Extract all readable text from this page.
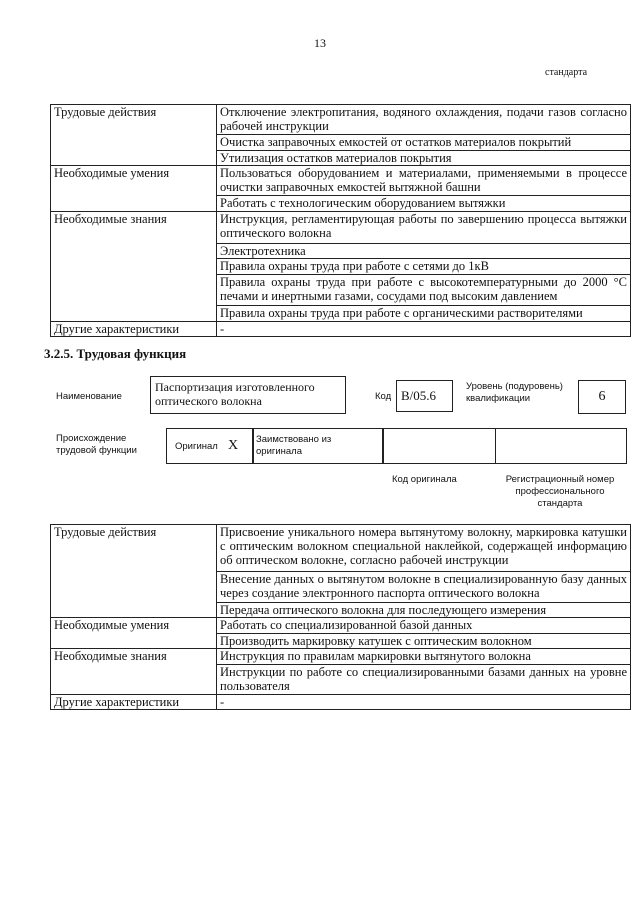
13
стандарта
Трудовые действия	Отключение электропитания, водяного охлаждения, подачи газов согласно рабочей инструкции
	Очистка заправочных емкостей от остатков материалов покрытий
	Утилизация остатков материалов покрытия
Необходимые умения	Пользоваться оборудованием и материалами, применяемыми в процессе очистки заправочных емкостей вытяжной башни
	Работать с технологическим оборудованием вытяжки
Необходимые знания	Инструкция, регламентирующая работы по завершению процесса вытяжки оптического волокна
	Электротехника
	Правила охраны труда при работе с сетями до 1кВ
	Правила охраны труда при работе с высокотемпературными до 2000 °С печами и инертными газами, сосудами под высоким давлением
	Правила охраны труда при работе с органическими растворителями
Другие характеристики	-
3.2.5. Трудовая функция
Наименование
Паспортизация изготовленного оптического волокна	Код B/05.6
Уровень (подуровень) квалификации	6
Происхождение трудовой функции	Оригинал X Заимствовано из оригинала
Код оригинала	Регистрационный номер профессионального стандарта
Трудовые действия	Присвоение уникального номера вытянутому волокну, маркировка катушки с оптическим волокном специальной наклейкой, содержащей информацию об оптическом волокне, согласно рабочей инструкции
	Внесение данных о вытянутом волокне в специализированную базу данных через создание электронного паспорта оптического волокна
	Передача оптического волокна для последующего измерения
Необходимые умения	Работать со специализированной базой данных
	Производить маркировку катушек с оптическим волокном
Необходимые знания	Инструкция по правилам маркировки вытянутого волокна
	Инструкции по работе со специализированными базами данных на уровне пользователя
Другие характеристики	-
